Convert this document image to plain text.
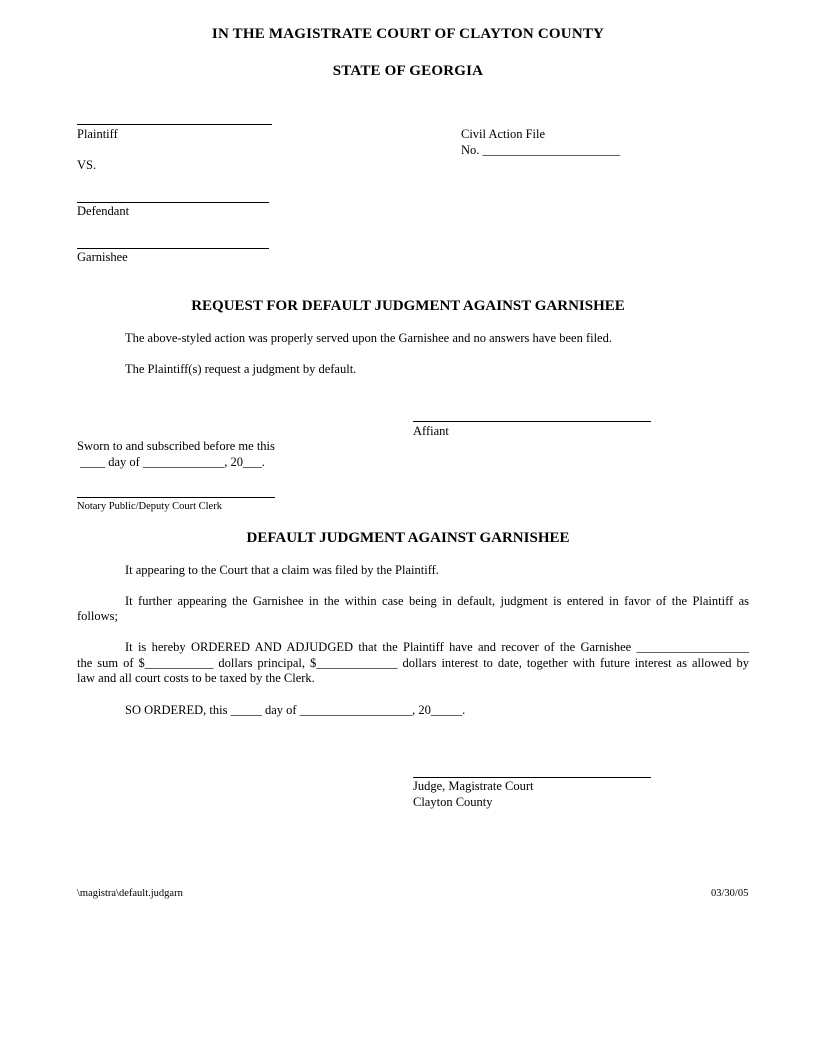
IN THE MAGISTRATE COURT OF CLAYTON COUNTY
STATE OF GEORGIA
Plaintiff
VS.
Defendant
Garnishee
Civil Action File
No. ______________________
REQUEST FOR DEFAULT JUDGMENT AGAINST GARNISHEE
The above-styled action was properly served upon the Garnishee and no answers have been filed.
The Plaintiff(s) request a judgment by default.
Affiant
Sworn to and subscribed before me this
____ day of _____________, 20___.
Notary Public/Deputy Court Clerk
DEFAULT JUDGMENT AGAINST GARNISHEE
It appearing to the Court that a claim was filed by the Plaintiff.
It further appearing the Garnishee in the within case being in default, judgment is entered in favor of the Plaintiff as
follows;
It is hereby ORDERED AND ADJUDGED that the Plaintiff have and recover of the Garnishee __________________
the sum of $___________ dollars principal, $_____________ dollars interest to date, together with future interest as allowed by
law and all court costs to be taxed by the Clerk.
SO ORDERED, this _____ day of __________________, 20_____.
Judge, Magistrate Court
Clayton County
\magistra\default.judgarn	03/30/05
